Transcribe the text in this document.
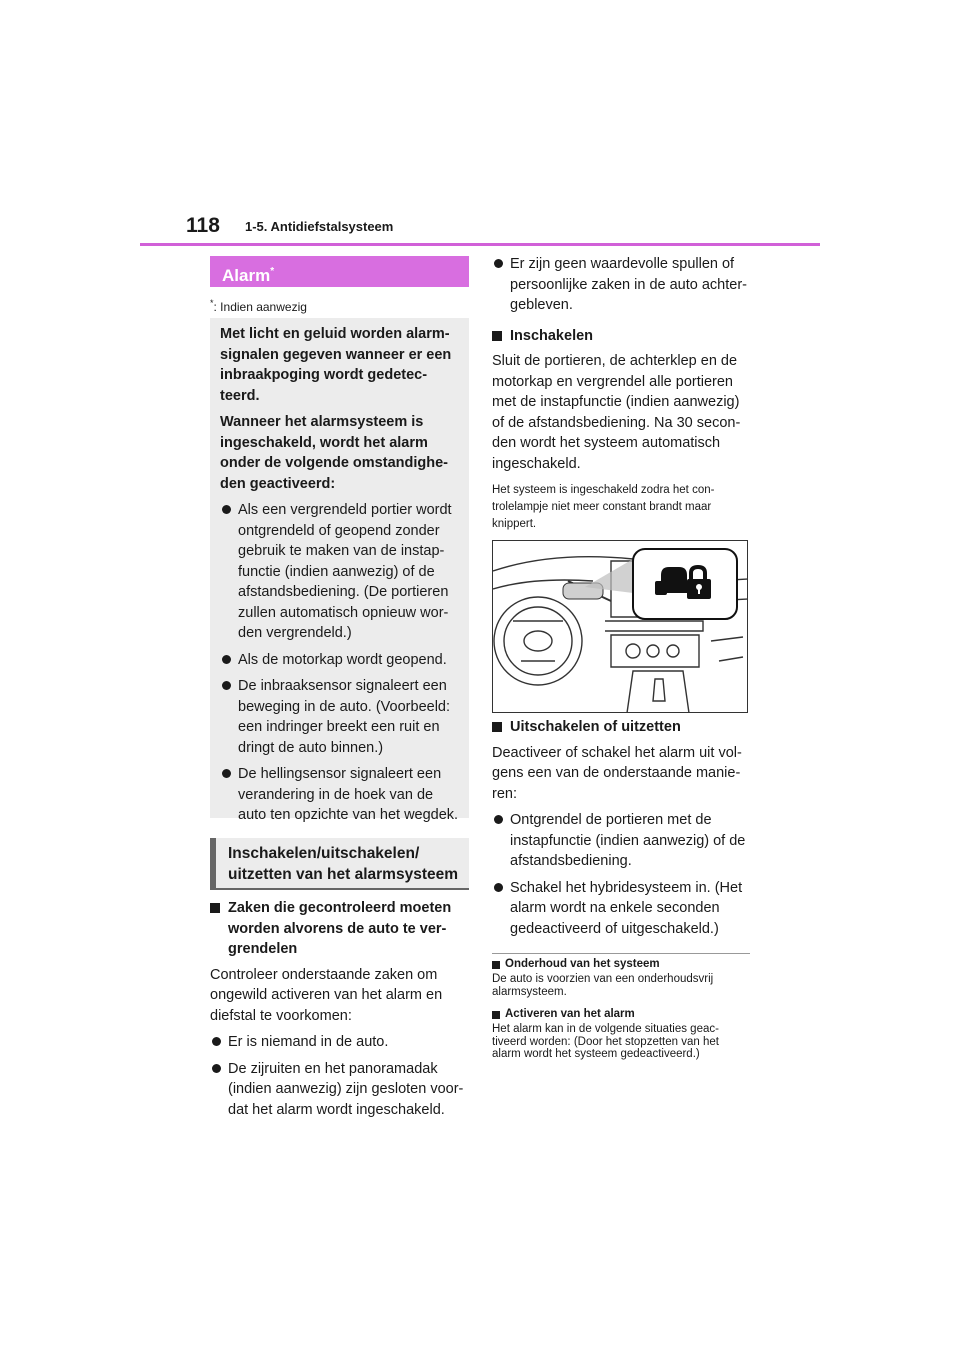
118 1-5. Antidiefstalsysteem
Alarm*
*: Indien aanwezig

Met licht en geluid worden alarm-signalen gegeven wanneer er een inbraakpoging wordt gedetec-teerd.

Wanneer het alarmsysteem is ingeschakeld, wordt het alarm onder de volgende omstandighe-den geactiveerd:

Als een vergrendeld portier wordt ontgrendeld of geopend zonder gebruik te maken van de instap-functie (indien aanwezig) of de afstandsbediening. (De portieren zullen automatisch opnieuw wor-den vergrendeld.)
Als de motorkap wordt geopend.
De inbraaksensor signaleert een beweging in de auto. (Voorbeeld: een indringer breekt een ruit en dringt de auto binnen.)
De hellingsensor signaleert een verandering in de hoek van de auto ten opzichte van het wegdek.
Inschakelen/uitschakelen/ uitzetten van het alarmsysteem
Zaken die gecontroleerd moeten worden alvorens de auto te ver-grendelen
Controleer onderstaande zaken om ongewild activeren van het alarm en diefstal te voorkomen:
Er is niemand in de auto.
De zijruiten en het panoramadak (indien aanwezig) zijn gesloten voor-dat het alarm wordt ingeschakeld.
Er zijn geen waardevolle spullen of persoonlijke zaken in de auto achter-gebleven.
Inschakelen
Sluit de portieren, de achterklep en de motorkap en vergrendel alle portieren met de instapfunctie (indien aanwezig) of de afstandsbediening. Na 30 secon-den wordt het systeem automatisch ingeschakeld.
Het systeem is ingeschakeld zodra het con-trolelampje niet meer constant brandt maar knippert.
Uitschakelen of uitzetten
Deactiveer of schakel het alarm uit vol-gens een van de onderstaande manie-ren:
Ontgrendel de portieren met de instapfunctie (indien aanwezig) of de afstandsbediening.
Schakel het hybridesysteem in. (Het alarm wordt na enkele seconden gedeactiveerd of uitgeschakeld.)
Onderhoud van het systeem
De auto is voorzien van een onderhoudsvrij alarmsysteem.
Activeren van het alarm
Het alarm kan in de volgende situaties geac-tiveerd worden: (Door het stopzetten van het alarm wordt het systeem gedeactiveerd.)
